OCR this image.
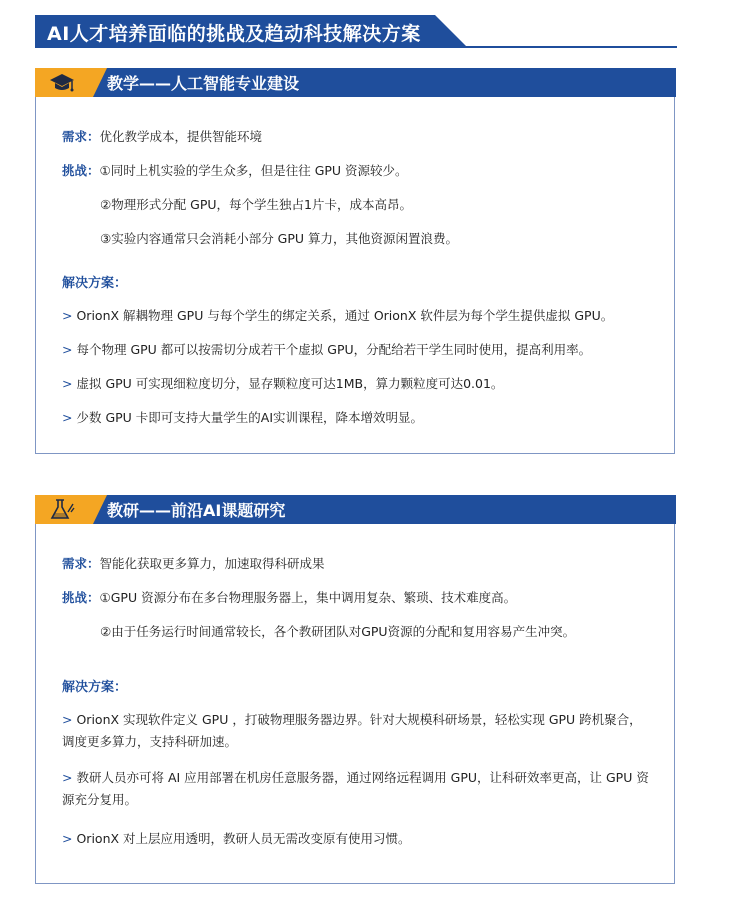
AI人才培养面临的挑战及趋动科技解决方案
教学——人工智能专业建设
需求：优化教学成本，提供智能环境
挑战：①同时上机实验的学生众多，但是往往 GPU 资源较少。
②物理形式分配 GPU，每个学生独占1片卡，成本高昂。
③实验内容通常只会消耗小部分 GPU 算力，其他资源闲置浪费。
解决方案：
> OrionX 解耦物理 GPU 与每个学生的绑定关系，通过 OrionX 软件层为每个学生提供虚拟 GPU。
> 每个物理 GPU 都可以按需切分成若干个虚拟 GPU，分配给若干学生同时使用，提高利用率。
> 虚拟 GPU 可实现细粒度切分，显存颗粒度可达1MB，算力颗粒度可达0.01。
> 少数 GPU 卡即可支持大量学生的AI实训课程，降本增效明显。
教研——前沿AI课题研究
需求：智能化获取更多算力，加速取得科研成果
挑战：①GPU 资源分布在多台物理服务器上，集中调用复杂、繁琐、技术难度高。
②由于任务运行时间通常较长，各个教研团队对GPU资源的分配和复用容易产生冲突。
解决方案：
> OrionX 实现软件定义 GPU ，打破物理服务器边界。针对大规模科研场景，轻松实现 GPU 跨机聚合，调度更多算力，支持科研加速。
> 教研人员亦可将 AI 应用部署在机房任意服务器，通过网络远程调用 GPU，让科研效率更高，让 GPU 资源充分复用。
> OrionX 对上层应用透明，教研人员无需改变原有使用习惯。
